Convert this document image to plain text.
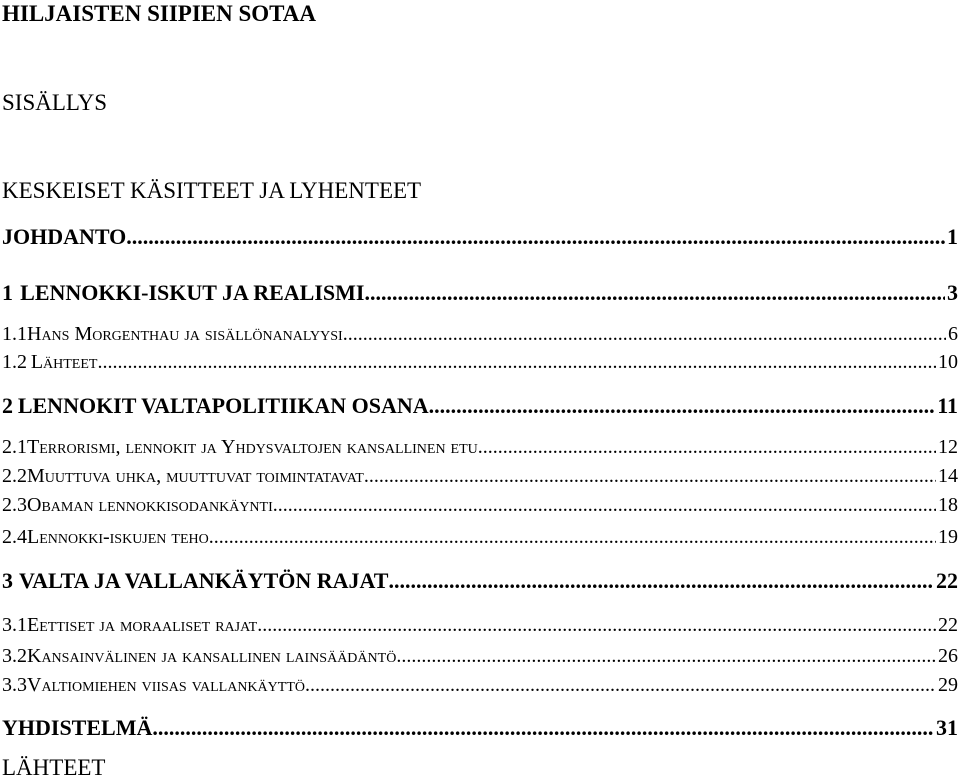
HILJAISTEN SIIPIEN SOTAA
SISÄLLYS
KESKEISET KÄSITTEET JA LYHENTEET
JOHDANTO .....	1
1 LENNOKKI-ISKUT JA REALISMI .....	3
1.1 Hans Morgenthau ja sisällönanalyysi .....	6
1.2 Lähteet .....	10
2 LENNOKIT VALTAPOLITIIKAN OSANA .....	11
2.1 Terrorismi, lennokit ja Yhdysvaltojen kansallinen etu .....	12
2.2 Muuttuva uhka, muuttuvat toimintatavat .....	14
2.3 Obaman lennokkisodankäynti .....	18
2.4 Lennokki-iskujen teho .....	19
3 VALTA JA VALLANKÄYTÖN RAJAT .....	22
3.1 Eettiset ja moraaliset rajat .....	22
3.2 Kansainvälinen ja kansallinen lainsäädäntö .....	26
3.3 Valtiomiehen viisas vallankäyttö .....	29
YHDISTELMÄ .....	31
LÄHTEET
